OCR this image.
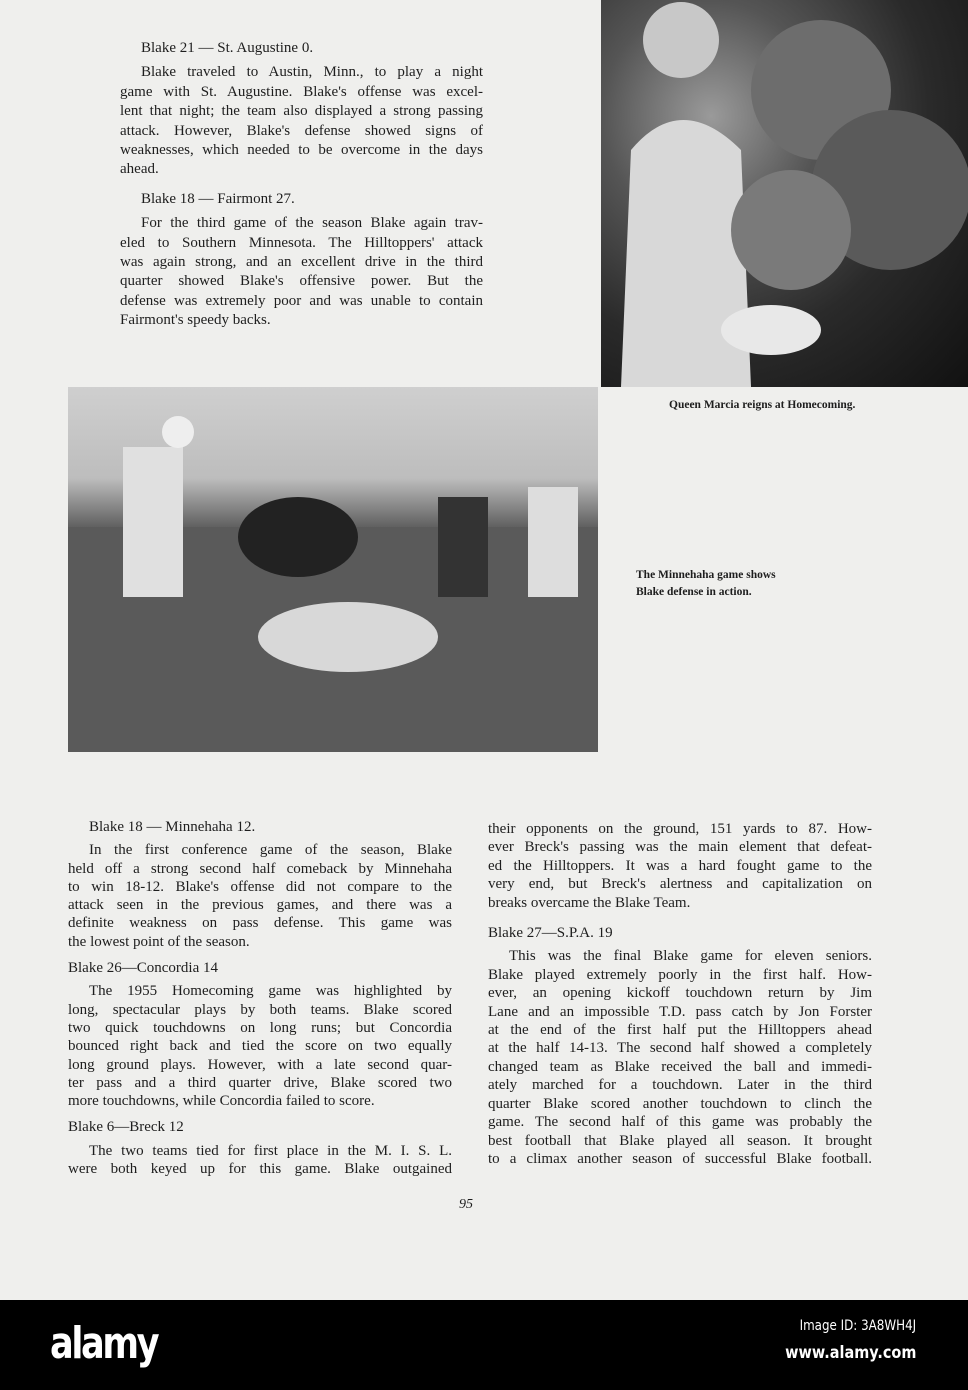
Blake 21 — St. Augustine 0.
Blake traveled to Austin, Minn., to play a night
game with St. Augustine. Blake's offense was excel-
lent that night; the team also displayed a strong passing
attack. However, Blake's defense showed signs of
weaknesses, which needed to be overcome in the days
ahead.
Blake 18 — Fairmont 27.
For the third game of the season Blake again trav-
eled to Southern Minnesota. The Hilltoppers' attack
was again strong, and an excellent drive in the third
quarter showed Blake's offensive power. But the
defense was extremely poor and was unable to contain
Fairmont's speedy backs.
Queen Marcia reigns at Homecoming.
The Minnehaha game shows
Blake defense in action.
Blake 18 — Minnehaha 12.
In the first conference game of the season, Blake
held off a strong second half comeback by Minnehaha
to win 18-12. Blake's offense did not compare to the
attack seen in the previous games, and there was a
definite weakness on pass defense. This game was
the lowest point of the season.
Blake 26—Concordia 14
The 1955 Homecoming game was highlighted by
long, spectacular plays by both teams. Blake scored
two quick touchdowns on long runs; but Concordia
bounced right back and tied the score on two equally
long ground plays. However, with a late second quar-
ter pass and a third quarter drive, Blake scored two
more touchdowns, while Concordia failed to score.
Blake 6—Breck 12
The two teams tied for first place in the M. I. S. L.
were both keyed up for this game. Blake outgained
their opponents on the ground, 151 yards to 87. How-
ever Breck's passing was the main element that defeat-
ed the Hilltoppers. It was a hard fought game to the
very end, but Breck's alertness and capitalization on
breaks overcame the Blake Team.
Blake 27—S.P.A. 19
This was the final Blake game for eleven seniors.
Blake played extremely poorly in the first half. How-
ever, an opening kickoff touchdown return by Jim
Lane and an impossible T.D. pass catch by Jon Forster
at the end of the first half put the Hilltoppers ahead
at the half 14-13. The second half showed a completely
changed team as Blake received the ball and immedi-
ately marched for a touchdown. Later in the third
quarter Blake scored another touchdown to clinch the
game. The second half of this game was probably the
best football that Blake played all season. It brought
to a climax another season of successful Blake football.
95
alamy	Image ID: 3A8WH4J
www.alamy.com
